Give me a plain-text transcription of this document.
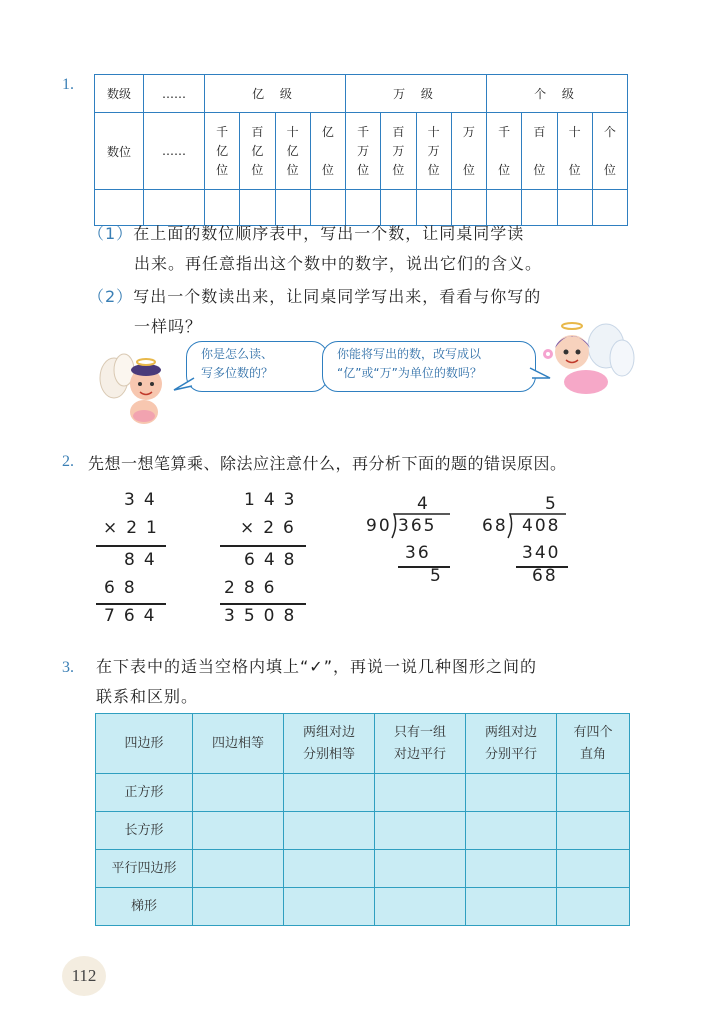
1.
数级	……	亿 级				万 级				个 级			
数位	……	千亿位	百亿位	十亿位	亿位	千万位	百万位	十万位	万位	千位	百位	十位	个位

（1）在上面的数位顺序表中，写出一个数，让同桌同学读
出来。再任意指出这个数中的数字，说出它们的含义。
（2）写出一个数读出来，让同桌同学写出来，看看与你写的
一样吗？
你是怎么读、
写多位数的？
你能将写出的数，改写成以
“亿”或“万”为单位的数吗？
2. 先想一想笔算乘、除法应注意什么，再分析下面的题的错误原因。
34
×21
84
68
764
143
×26
648
286
3508
4
90 365
36
5
5
68 408
340
68
3. 在下表中的适当空格内填上“✓”，再说一说几种图形之间的
联系和区别。
四边形	四边相等	两组对边分别相等	只有一组对边平行	两组对边分别平行	有四个直角
正方形					
长方形					
平行四边形					
梯形					
112
